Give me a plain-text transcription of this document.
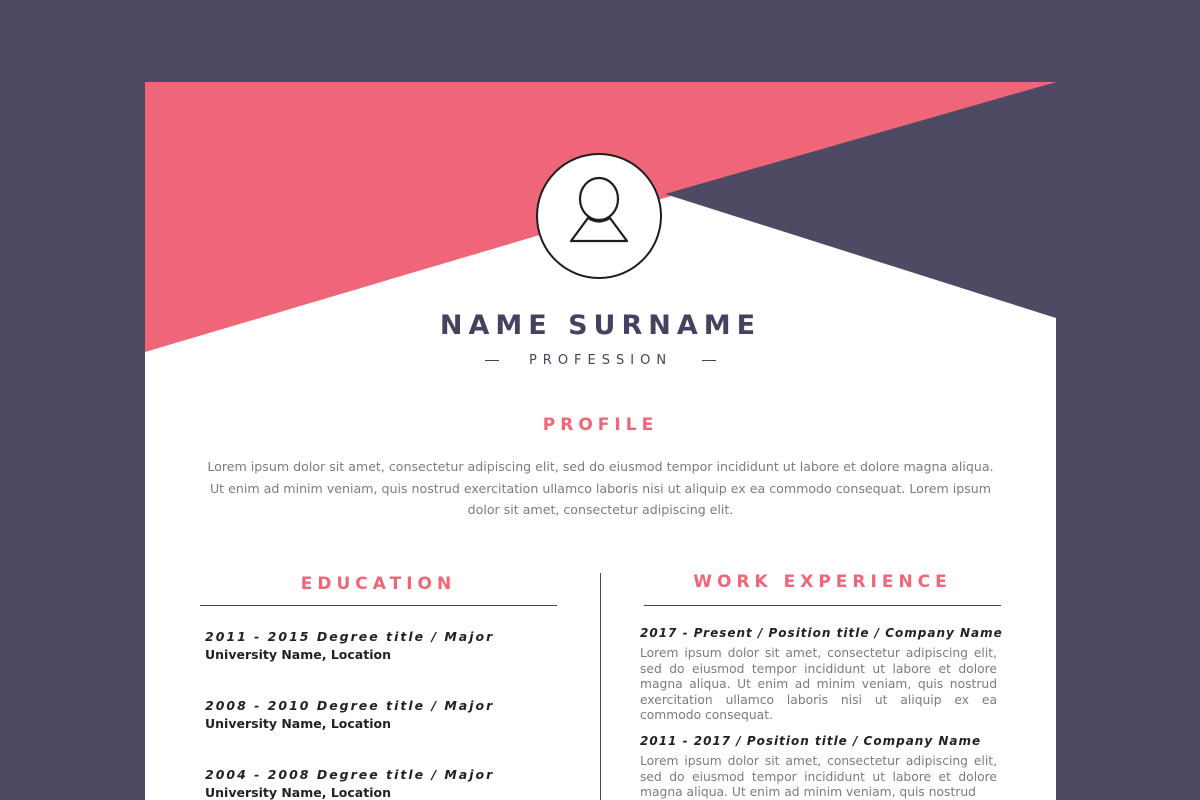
NAME SURNAME
PROFESSION
PROFILE
Lorem ipsum dolor sit amet, consectetur adipiscing elit, sed do eiusmod tempor incididunt ut labore et dolore magna aliqua. Ut enim ad minim veniam, quis nostrud exercitation ullamco laboris nisi ut aliquip ex ea commodo consequat. Lorem ipsum dolor sit amet, consectetur adipiscing elit.
EDUCATION	WORK EXPERIENCE
2011 - 2015 Degree title / Major
University Name, Location
2008 - 2010 Degree title / Major
University Name, Location
2004 - 2008 Degree title / Major
University Name, Location
2017 - Present / Position title / Company Name
Lorem ipsum dolor sit amet, consectetur adipiscing elit, sed do eiusmod tempor incididunt ut labore et dolore magna aliqua. Ut enim ad minim veniam, quis nostrud exercitation ullamco laboris nisi ut aliquip ex ea commodo consequat.
2011 - 2017 / Position title / Company Name
Lorem ipsum dolor sit amet, consectetur adipiscing elit, sed do eiusmod tempor incididunt ut labore et dolore magna aliqua. Ut enim ad minim veniam, quis nostrud
